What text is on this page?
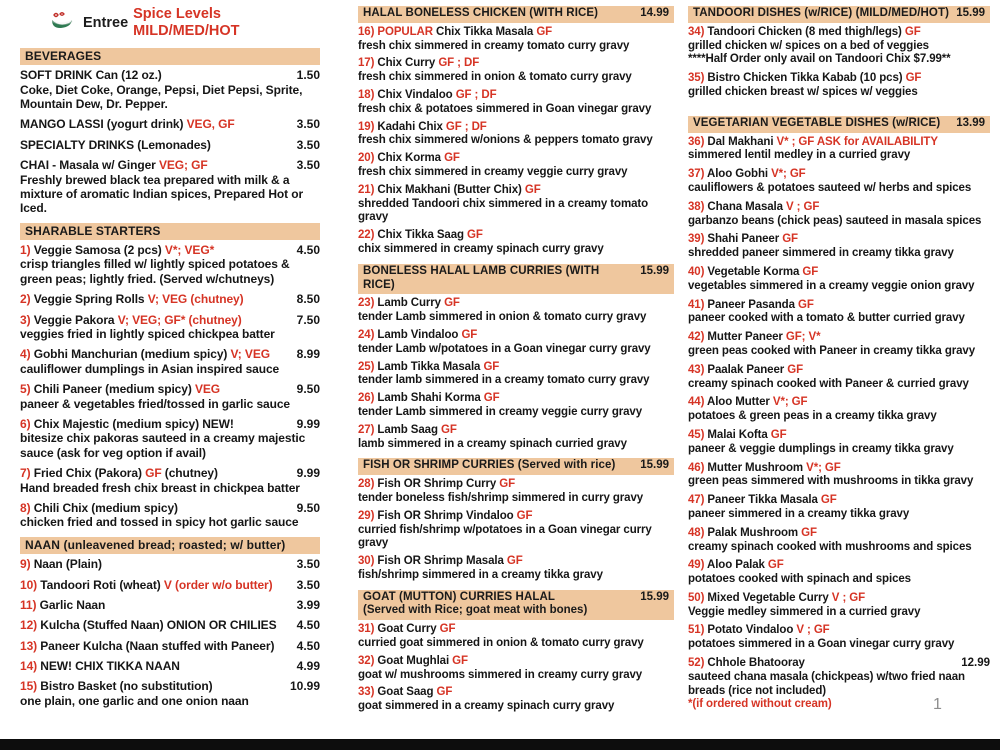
Entree
Spice Levels MILD/MED/HOT
BEVERAGES
SOFT DRINK Can (12 oz.)	1.50
Coke, Diet Coke, Orange, Pepsi, Diet Pepsi, Sprite, Mountain Dew, Dr. Pepper.
MANGO LASSI (yogurt drink) VEG, GF	3.50
SPECIALTY DRINKS (Lemonades)	3.50
CHAI - Masala w/ Ginger VEG; GF	3.50
Freshly brewed black tea prepared with milk & a mixture of aromatic Indian spices, Prepared Hot or Iced.
SHARABLE STARTERS
1) Veggie Samosa (2 pcs) V*; VEG*	4.50
crisp triangles filled w/ lightly spiced potatoes & green peas; lightly fried. (Served w/chutneys)
2) Veggie Spring Rolls V; VEG (chutney)	8.50
3) Veggie Pakora V; VEG; GF* (chutney)	7.50
veggies fried in lightly spiced chickpea batter
4) Gobhi Manchurian (medium spicy) V; VEG 8.99
cauliflower dumplings in Asian inspired sauce
5) Chili Paneer (medium spicy) VEG	9.50
paneer & vegetables fried/tossed in garlic sauce
6) Chix Majestic (medium spicy) NEW!	9.99
bitesize chix pakoras sauteed in a creamy majestic sauce (ask for veg option if avail)
7) Fried Chix (Pakora) GF (chutney)	9.99
Hand breaded fresh chix breast in chickpea batter
8) Chili Chix (medium spicy)	9.50
chicken fried and tossed in spicy hot garlic sauce
NAAN (unleavened bread; roasted; w/ butter)
9) Naan (Plain)	3.50
10) Tandoori Roti (wheat) V (order w/o butter) 3.50
11) Garlic Naan	3.99
12) Kulcha (Stuffed Naan) ONION OR CHILIES 4.50
13) Paneer Kulcha (Naan stuffed with Paneer) 4.50
14) NEW! CHIX TIKKA NAAN	4.99
15) Bistro Basket (no substitution)	10.99
one plain, one garlic and one onion naan
HALAL BONELESS CHICKEN (WITH RICE)	14.99
16) POPULAR Chix Tikka Masala GF
fresh chix simmered in creamy tomato curry gravy
17) Chix Curry GF ; DF
fresh chix simmered in onion & tomato curry gravy
18) Chix Vindaloo GF ; DF
fresh chix & potatoes simmered in Goan vinegar gravy
19) Kadahi Chix GF ; DF
fresh chix simmered w/onions & peppers tomato gravy
20) Chix Korma GF
fresh chix simmered in creamy veggie curry gravy
21) Chix Makhani (Butter Chix) GF
shredded Tandoori chix simmered in a creamy tomato gravy
22) Chix Tikka Saag GF
chix simmered in creamy spinach curry gravy
BONELESS HALAL LAMB CURRIES (WITH RICE)
15.99
23) Lamb Curry GF
tender Lamb simmered in onion & tomato curry gravy
24) Lamb Vindaloo GF
tender Lamb w/potatoes in a Goan vinegar curry gravy
25) Lamb Tikka Masala GF
tender lamb simmered in a creamy tomato curry gravy
26) Lamb Shahi Korma GF
tender Lamb simmered in creamy veggie curry gravy
27) Lamb Saag GF
lamb simmered in a creamy spinach curried gravy
FISH OR SHRIMP CURRIES (Served with rice) 15.99
28) Fish OR Shrimp Curry GF
tender boneless fish/shrimp simmered in curry gravy
29) Fish OR Shrimp Vindaloo GF
curried fish/shrimp w/potatoes in a Goan vinegar curry gravy
30) Fish OR Shrimp Masala GF
fish/shrimp simmered in a creamy tikka gravy
GOAT (MUTTON) CURRIES HALAL	15.99
(Served with Rice; goat meat with bones)
31) Goat Curry GF
curried goat simmered in onion & tomato curry gravy
32) Goat Mughlai GF
goat w/ mushrooms simmered in creamy curry gravy
33) Goat Saag GF
goat simmered in a creamy spinach curry gravy
TANDOORI DISHES (w/RICE) (MILD/MED/HOT) 15.99
34) Tandoori Chicken (8 med thigh/legs) GF
grilled chicken w/ spices on a bed of veggies
****Half Order only avail on Tandoori Chix $7.99**
35) Bistro Chicken Tikka Kabab (10 pcs) GF
grilled chicken breast w/ spices w/ veggies
VEGETARIAN VEGETABLE DISHES (w/RICE) 13.99
36) Dal Makhani V* ; GF ASK for AVAILABILITY
simmered lentil medley in a curried gravy
37) Aloo Gobhi V*; GF
cauliflowers & potatoes sauteed w/ herbs and spices
38) Chana Masala V ; GF
garbanzo beans (chick peas) sauteed in masala spices
39) Shahi Paneer GF
shredded paneer simmered in creamy tikka gravy
40) Vegetable Korma GF
vegetables simmered in a creamy veggie onion gravy
41) Paneer Pasanda GF
paneer cooked with a tomato & butter curried gravy
42) Mutter Paneer GF; V*
green peas cooked with Paneer in creamy tikka gravy
43) Paalak Paneer GF
creamy spinach cooked with Paneer & curried gravy
44) Aloo Mutter V*; GF
potatoes & green peas in a creamy tikka gravy
45) Malai Kofta GF
paneer & veggie dumplings in creamy tikka gravy
46) Mutter Mushroom V*; GF
green peas simmered with mushrooms in tikka gravy
47) Paneer Tikka Masala GF
paneer simmered in a creamy tikka gravy
48) Palak Mushroom GF
creamy spinach cooked with mushrooms and spices
49) Aloo Palak GF
potatoes cooked with spinach and spices
50) Mixed Vegetable Curry V ; GF
Veggie medley simmered in a curried gravy
51) Potato Vindaloo V ; GF
potatoes simmered in a Goan vinegar curry gravy
52) Chhole Bhatooray	12.99
sauteed chana masala (chickpeas) w/two fried naan breads (rice not included)
*(if ordered without cream)	1
